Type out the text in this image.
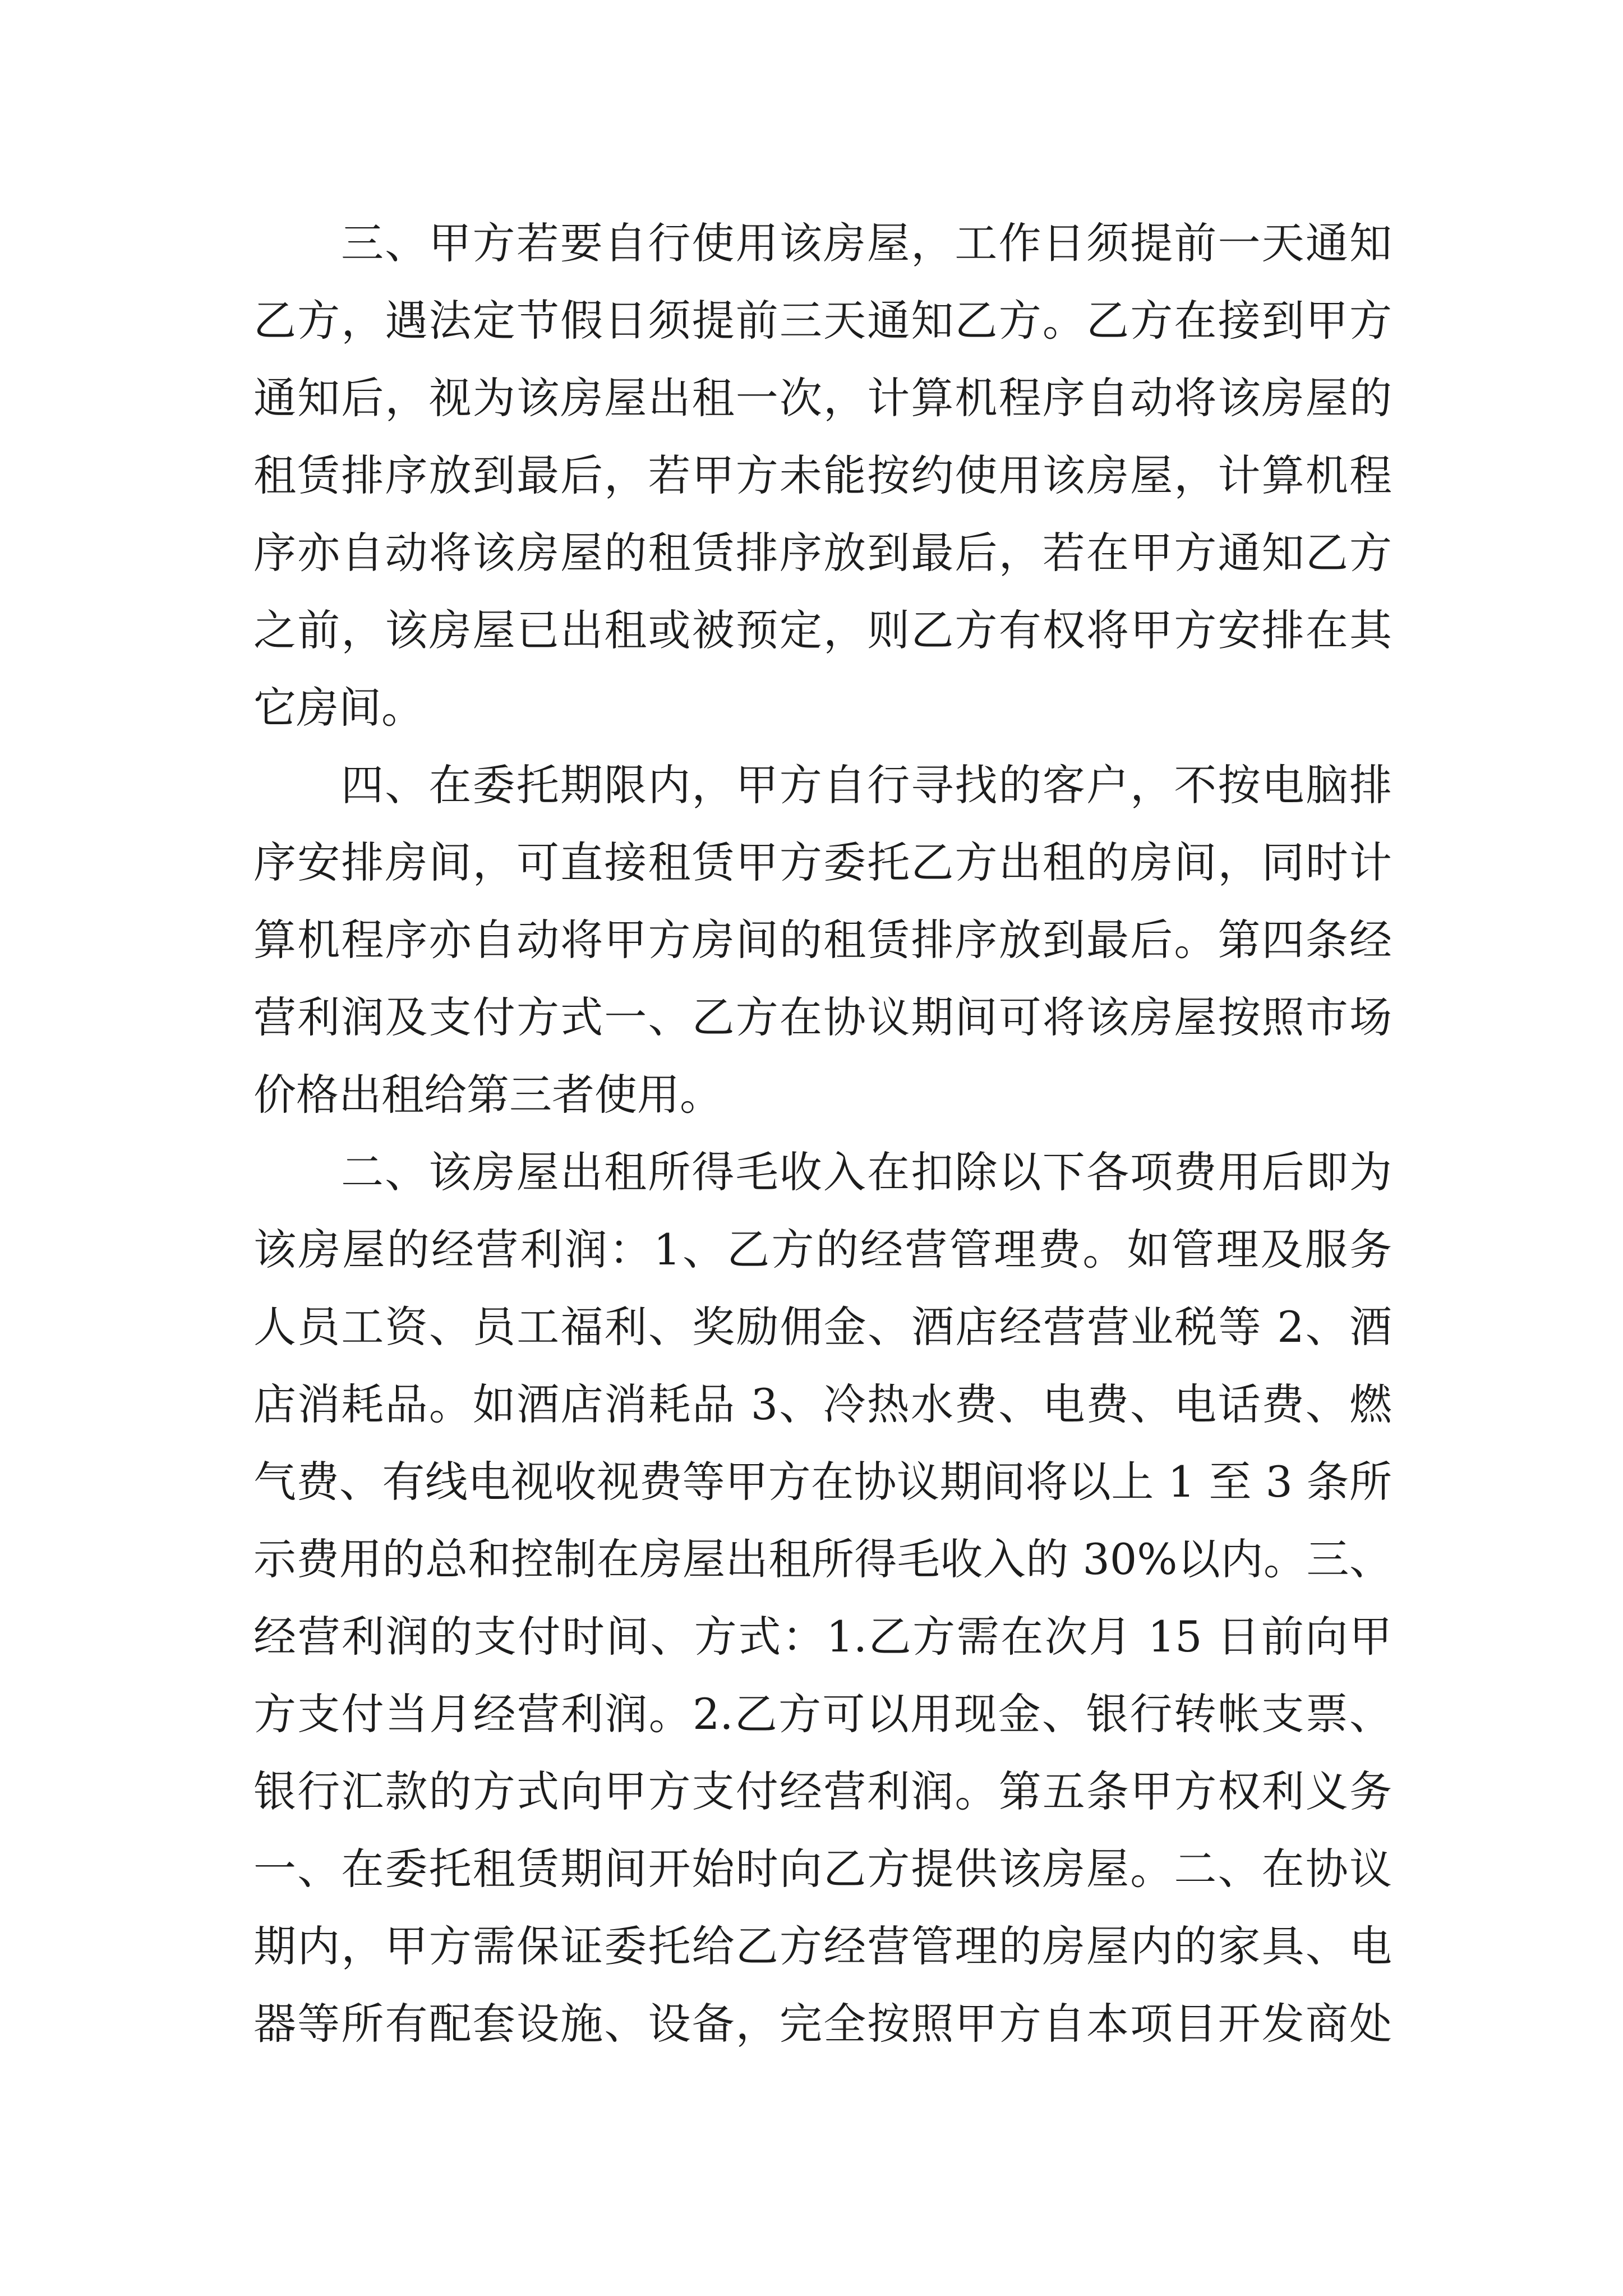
三、甲方若要自行使用该房屋，工作日须提前一天通知
乙方，遇法定节假日须提前三天通知乙方。乙方在接到甲方
通知后，视为该房屋出租一次，计算机程序自动将该房屋的
租赁排序放到最后，若甲方未能按约使用该房屋，计算机程
序亦自动将该房屋的租赁排序放到最后，若在甲方通知乙方
之前，该房屋已出租或被预定，则乙方有权将甲方安排在其
它房间。
四、在委托期限内，甲方自行寻找的客户，不按电脑排
序安排房间，可直接租赁甲方委托乙方出租的房间，同时计
算机程序亦自动将甲方房间的租赁排序放到最后。第四条经
营利润及支付方式一、乙方在协议期间可将该房屋按照市场
价格出租给第三者使用。
二、该房屋出租所得毛收入在扣除以下各项费用后即为
该房屋的经营利润：1、乙方的经营管理费。如管理及服务
人员工资、员工福利、奖励佣金、酒店经营营业税等 2、酒
店消耗品。如酒店消耗品 3、冷热水费、电费、电话费、燃
气费、有线电视收视费等甲方在协议期间将以上 1 至 3 条所
示费用的总和控制在房屋出租所得毛收入的 30%以内。三、
经营利润的支付时间、方式：1.乙方需在次月 15 日前向甲
方支付当月经营利润。2.乙方可以用现金、银行转帐支票、
银行汇款的方式向甲方支付经营利润。第五条甲方权利义务
一、在委托租赁期间开始时向乙方提供该房屋。二、在协议
期内，甲方需保证委托给乙方经营管理的房屋内的家具、电
器等所有配套设施、设备，完全按照甲方自本项目开发商处
